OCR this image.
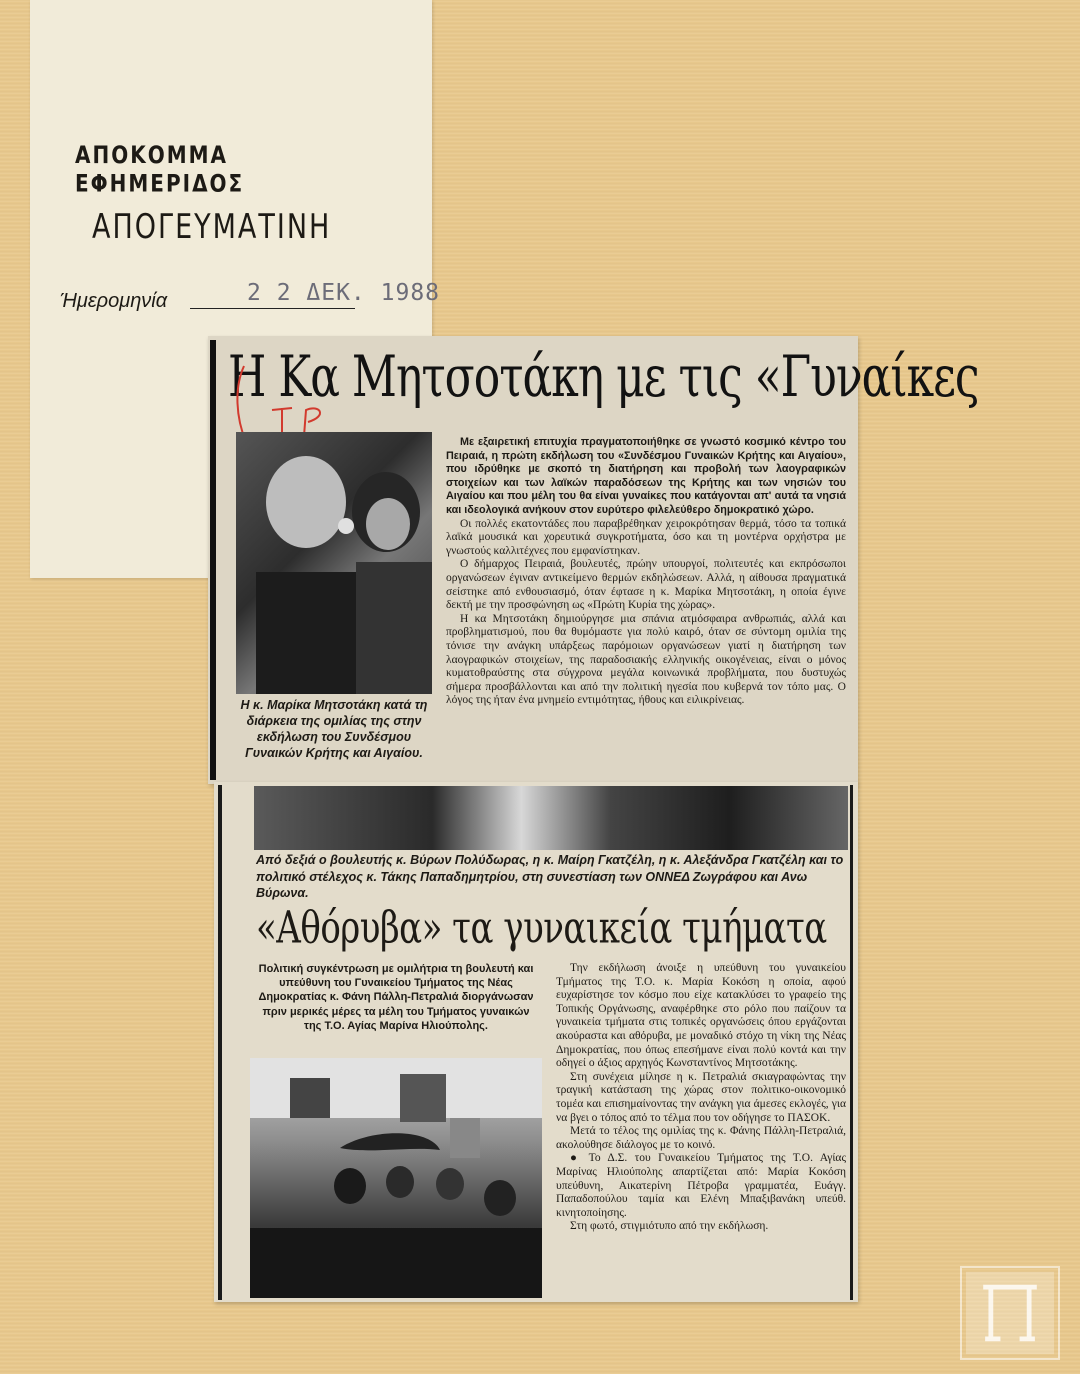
ΑΠΟΚΟΜΜΑ ΕΦΗΜΕΡΙΔΟΣ
ΑΠΟΓΕΥΜΑΤΙΝΗ
Ήμερομηνία	2 2 ΔΕΚ. 1988
Η Κα Μητσοτάκη με τις «Γυναίκες
Η κ. Μαρίκα Μητσοτάκη κατά τη διάρκεια της ομιλίας της στην εκδήλωση του Συνδέσμου Γυναικών Κρήτης και Αιγαίου.

Με εξαιρετική επιτυχία πραγματοποιήθηκε σε γνωστό κοσμικό κέντρο του Πειραιά, η πρώτη εκδήλωση του «Συνδέσμου Γυναικών Κρήτης και Αιγαίου», που ιδρύθηκε με σκοπό τη διατήρηση και προβολή των λαογραφικών στοιχείων και των λαϊκών παραδόσεων της Κρήτης και των νησιών του Αιγαίου και που μέλη του θα είναι γυναίκες που κατάγονται απ' αυτά τα νησιά και ιδεολογικά ανήκουν στον ευρύτερο φιλελεύθερο δημοκρατικό χώρο.

Οι πολλές εκατοντάδες που παραβρέθηκαν χειροκρότησαν θερμά, τόσο τα τοπικά λαϊκά μουσικά και χορευτικά συγκροτήματα, όσο και τη μοντέρνα ορχήστρα με γνωστούς καλλιτέχνες που εμφανίστηκαν.

Ο δήμαρχος Πειραιά, βουλευτές, πρώην υπουργοί, πολιτευτές και εκπρόσωποι οργανώσεων έγιναν αντικείμενο θερμών εκδηλώσεων. Αλλά, η αίθουσα πραγματικά σείστηκε από ενθουσιασμό, όταν έφτασε η κ. Μαρίκα Μητσοτάκη, η οποία έγινε δεκτή με την προσφώνηση ως «Πρώτη Κυρία της χώρας».

Η κα Μητσοτάκη δημιούργησε μια σπάνια ατμόσφαιρα ανθρωπιάς, αλλά και προβληματισμού, που θα θυμόμαστε για πολύ καιρό, όταν σε σύντομη ομιλία της τόνισε την ανάγκη υπάρξεως παρόμοιων οργανώσεων γιατί η διατήρηση των λαογραφικών στοιχείων, της παραδοσιακής ελληνικής οικογένειας, είναι ο μόνος κυματοθραύστης στα σύγχρονα μεγάλα κοινωνικά προβλήματα, που δυστυχώς σήμερα προσβάλλονται και από την πολιτική ηγεσία που κυβερνά τον τόπο μας. Ο λόγος της ήταν ένα μνημείο εντιμότητας, ήθους και ειλικρίνειας.

Από δεξιά ο βουλευτής κ. Βύρων Πολύδωρας, η κ. Μαίρη Γκατζέλη, η κ. Αλεξάνδρα Γκατζέλη και το πολιτικό στέλεχος κ. Τάκης Παπαδημητρίου, στη συνεστίαση των ΟΝΝΕΔ Ζωγράφου και Ανω Βύρωνα.
«Αθόρυβα» τα γυναικεία τμήματα
Πολιτική συγκέντρωση με ομιλήτρια τη βουλευτή και υπεύθυνη του Γυναικείου Τμήματος της Νέας Δημοκρατίας κ. Φάνη Πάλλη-Πετραλιά διοργάνωσαν πριν μερικές μέρες τα μέλη του Τμήματος γυναικών της Τ.Ο. Αγίας Μαρίνα Ηλιούπολης.

Την εκδήλωση άνοιξε η υπεύθυνη του γυναικείου Τμήματος της Τ.Ο. κ. Μαρία Κοκόση η οποία, αφού ευχαρίστησε τον κόσμο που είχε κατακλύσει το γραφείο της Τοπικής Οργάνωσης, αναφέρθηκε στο ρόλο που παίζουν τα γυναικεία τμήματα στις τοπικές οργανώσεις όπου εργάζονται ακούραστα και αθόρυβα, με μοναδικό στόχο τη νίκη της Νέας Δημοκρατίας, που όπως επεσήμανε είναι πολύ κοντά και την οδηγεί ο άξιος αρχηγός Κωνσταντίνος Μητσοτάκης.

Στη συνέχεια μίλησε η κ. Πετραλιά σκιαγραφώντας την τραγική κατάσταση της χώρας στον πολιτικο-οικονομικό τομέα και επισημαίνοντας την ανάγκη για άμεσες εκλογές, για να βγει ο τόπος από το τέλμα που τον οδήγησε το ΠΑΣΟΚ.

Μετά το τέλος της ομιλίας της κ. Φάνης Πάλλη-Πετραλιά, ακολούθησε διάλογος με το κοινό.

● Το Δ.Σ. του Γυναικείου Τμήματος της Τ.Ο. Αγίας Μαρίνας Ηλιούπολης απαρτίζεται από: Μαρία Κοκόση υπεύθυνη, Αικατερίνη Πέτροβα γραμματέα, Ευάγγ. Παπαδοπούλου ταμία και Ελένη Μπαξιβανάκη υπεύθ. κινητοποίησης.

Στη φωτό, στιγμιότυπο από την εκδήλωση.
